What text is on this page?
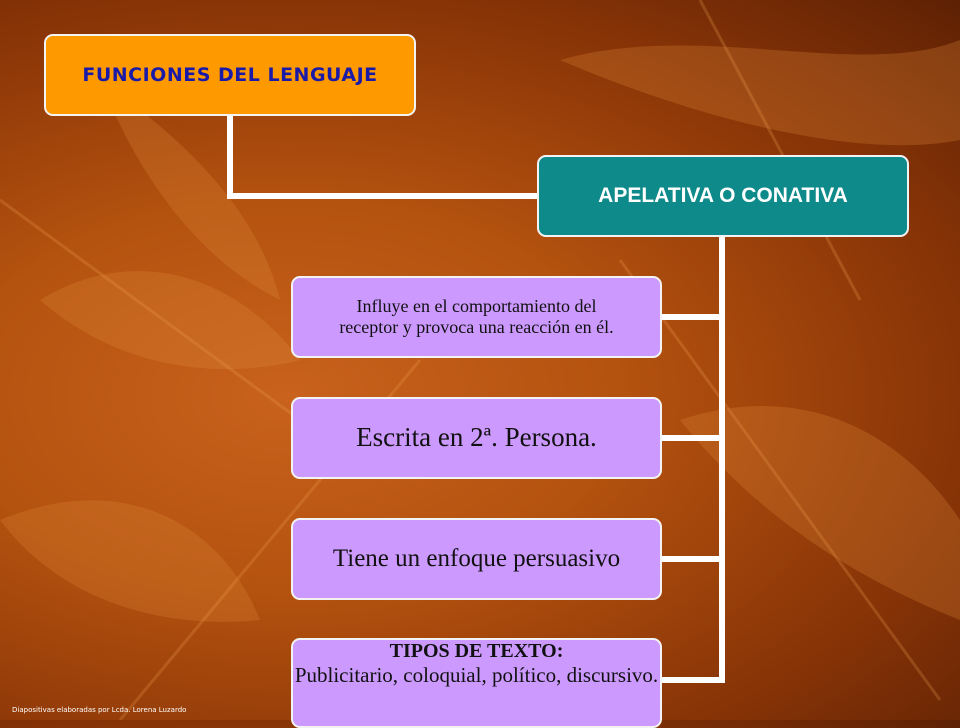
FUNCIONES DEL LENGUAJE
APELATIVA O CONATIVA
Influye en el comportamiento del receptor y provoca una reacción en él.
Escrita en 2ª. Persona.
Tiene un enfoque persuasivo
TIPOS DE TEXTO:
Publicitario, coloquial, político, discursivo.
Diapositivas elaboradas por Lcda. Lorena Luzardo
